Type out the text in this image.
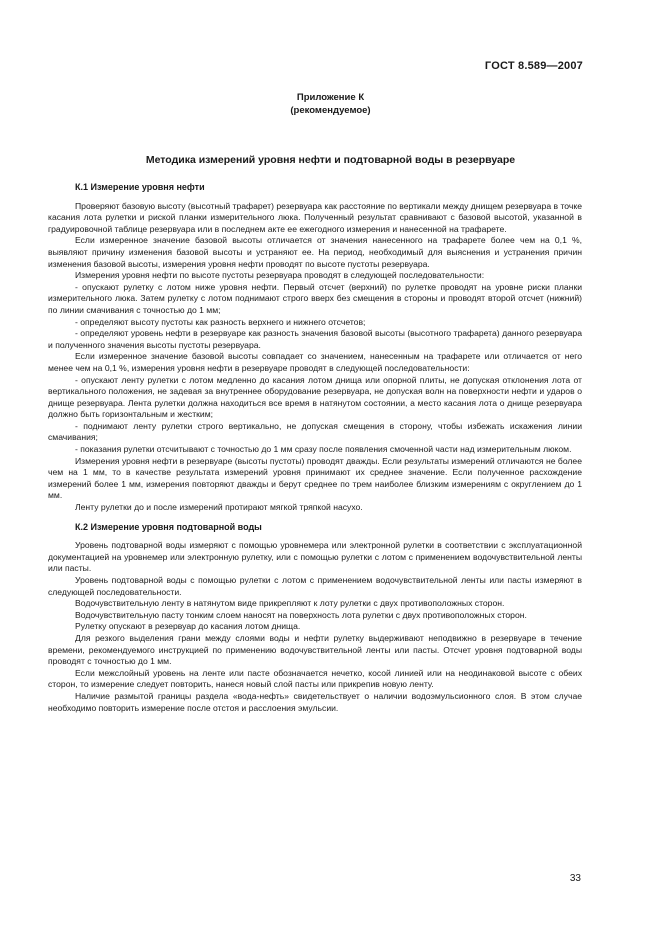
ГОСТ 8.589—2007
Приложение К
(рекомендуемое)
Методика измерений уровня нефти и подтоварной воды в резервуаре
К.1 Измерение уровня нефти

Проверяют базовую высоту (высотный трафарет) резервуара как расстояние по вертикали между днищем резервуара в точке касания лота рулетки и риской планки измерительного люка. Полученный результат сравнивают с базовой высотой, указанной в градуировочной таблице резервуара или в последнем акте ее ежегодного измерения и нанесенной на трафарете.

Если измеренное значение базовой высоты отличается от значения нанесенного на трафарете более чем на 0,1 %, выявляют причину изменения базовой высоты и устраняют ее. На период, необходимый для выяснения и устранения причин изменения базовой высоты, измерения уровня нефти проводят по высоте пустоты резервуара.

Измерения уровня нефти по высоте пустоты резервуара проводят в следующей последовательности:

- опускают рулетку с лотом ниже уровня нефти. Первый отсчет (верхний) по рулетке проводят на уровне риски планки измерительного люка. Затем рулетку с лотом поднимают строго вверх без смещения в стороны и проводят второй отсчет (нижний) по линии смачивания с точностью до 1 мм;

- определяют высоту пустоты как разность верхнего и нижнего отсчетов;

- определяют уровень нефти в резервуаре как разность значения базовой высоты (высотного трафарета) данного резервуара и полученного значения высоты пустоты резервуара.

Если измеренное значение базовой высоты совпадает со значением, нанесенным на трафарете или отличается от него менее чем на 0,1 %, измерения уровня нефти в резервуаре проводят в следующей последовательности:

- опускают ленту рулетки с лотом медленно до касания лотом днища или опорной плиты, не допуская отклонения лота от вертикального положения, не задевая за внутреннее оборудование резервуара, не допуская волн на поверхности нефти и ударов о днище резервуара. Лента рулетки должна находиться все время в натянутом состоянии, а место касания лота о днище резервуара должно быть горизонтальным и жестким;

- поднимают ленту рулетки строго вертикально, не допуская смещения в сторону, чтобы избежать искажения линии смачивания;

- показания рулетки отсчитывают с точностью до 1 мм сразу после появления смоченной части над измерительным люком.

Измерения уровня нефти в резервуаре (высоты пустоты) проводят дважды. Если результаты измерений отличаются не более чем на 1 мм, то в качестве результата измерений уровня принимают их среднее значение. Если полученное расхождение измерений более 1 мм, измерения повторяют дважды и берут среднее по трем наиболее близким измерениям с округлением до 1 мм.

Ленту рулетки до и после измерений протирают мягкой тряпкой насухо.

К.2 Измерение уровня подтоварной воды

Уровень подтоварной воды измеряют с помощью уровнемера или электронной рулетки в соответствии с эксплуатационной документацией на уровнемер или электронную рулетку, или с помощью рулетки с лотом с применением водочувствительной ленты или пасты.

Уровень подтоварной воды с помощью рулетки с лотом с применением водочувствительной ленты или пасты измеряют в следующей последовательности.

Водочувствительную ленту в натянутом виде прикрепляют к лоту рулетки с двух противоположных сторон.

Водочувствительную пасту тонким слоем наносят на поверхность лота рулетки с двух противоположных сторон.

Рулетку опускают в резервуар до касания лотом днища.

Для резкого выделения грани между слоями воды и нефти рулетку выдерживают неподвижно в резервуаре в течение времени, рекомендуемого инструкцией по применению водочувствительной ленты или пасты. Отсчет уровня подтоварной воды проводят с точностью до 1 мм.

Если межслойный уровень на ленте или пасте обозначается нечетко, косой линией или на неодинаковой высоте с обеих сторон, то измерение следует повторить, нанеся новый слой пасты или прикрепив новую ленту.

Наличие размытой границы раздела «вода-нефть» свидетельствует о наличии водоэмульсионного слоя. В этом случае необходимо повторить измерение после отстоя и расслоения эмульсии.

33
